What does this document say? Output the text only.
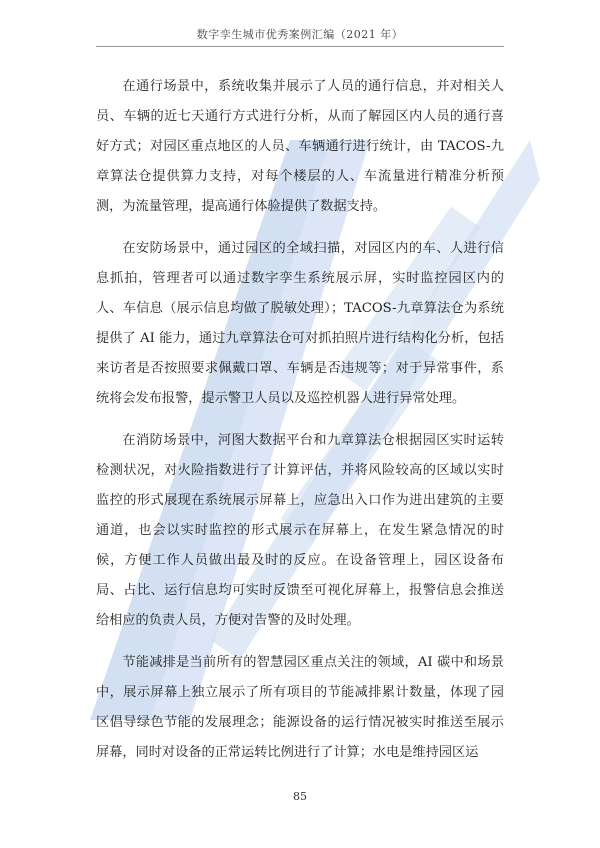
数字孪生城市优秀案例汇编（2021 年）

在通行场景中，系统收集并展示了人员的通行信息，并对相关人员、车辆的近七天通行方式进行分析，从而了解园区内人员的通行喜好方式；对园区重点地区的人员、车辆通行进行统计，由 TACOS-九章算法仓提供算力支持，对每个楼层的人、车流量进行精准分析预测，为流量管理，提高通行体验提供了数据支持。

在安防场景中，通过园区的全域扫描，对园区内的车、人进行信息抓拍，管理者可以通过数字孪生系统展示屏，实时监控园区内的人、车信息（展示信息均做了脱敏处理）；TACOS-九章算法仓为系统提供了 AI 能力，通过九章算法仓可对抓拍照片进行结构化分析，包括来访者是否按照要求佩戴口罩、车辆是否违规等；对于异常事件，系统将会发布报警，提示警卫人员以及巡控机器人进行异常处理。

在消防场景中，河图大数据平台和九章算法仓根据园区实时运转检测状况，对火险指数进行了计算评估，并将风险较高的区域以实时监控的形式展现在系统展示屏幕上，应急出入口作为进出建筑的主要通道，也会以实时监控的形式展示在屏幕上，在发生紧急情况的时候，方便工作人员做出最及时的反应。在设备管理上，园区设备布局、占比、运行信息均可实时反馈至可视化屏幕上，报警信息会推送给相应的负责人员，方便对告警的及时处理。

节能减排是当前所有的智慧园区重点关注的领域，AI 碳中和场景中，展示屏幕上独立展示了所有项目的节能减排累计数量，体现了园区倡导绿色节能的发展理念；能源设备的运行情况被实时推送至展示屏幕，同时对设备的正常运转比例进行了计算；水电是维持园区运

85
